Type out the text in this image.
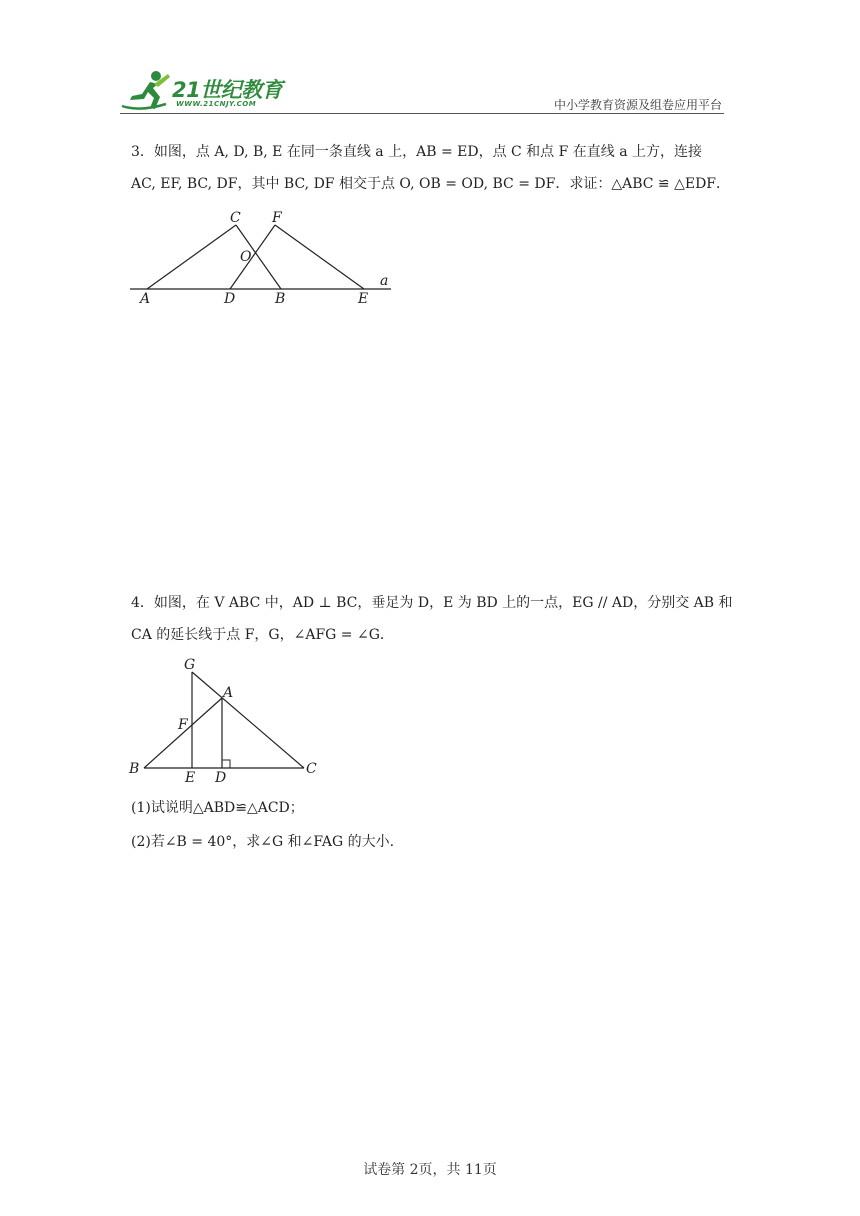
21世纪教育
WWW.21CNJY.COM	中小学教育资源及组卷应用平台
3．如图，点 A, D, B, E 在同一条直线 a 上，AB = ED，点 C 和点 F 在直线 a 上方，连接
AC, EF, BC, DF，其中 BC, DF 相交于点 O, OB = OD, BC = DF．求证：△ABC ≌ △EDF．
C F
O
A	D	B	E
a
4．如图，在 V ABC 中，AD ⊥ BC，垂足为 D，E 为 BD 上的一点，EG // AD，分别交 AB 和
CA 的延长线于点 F，G，∠AFG = ∠G．
G
A
F
B
E D
C
(1)试说明△ABD≌△ACD；
(2)若∠B = 40°，求∠G 和∠FAG 的大小.
试卷第 2页，共 11页
